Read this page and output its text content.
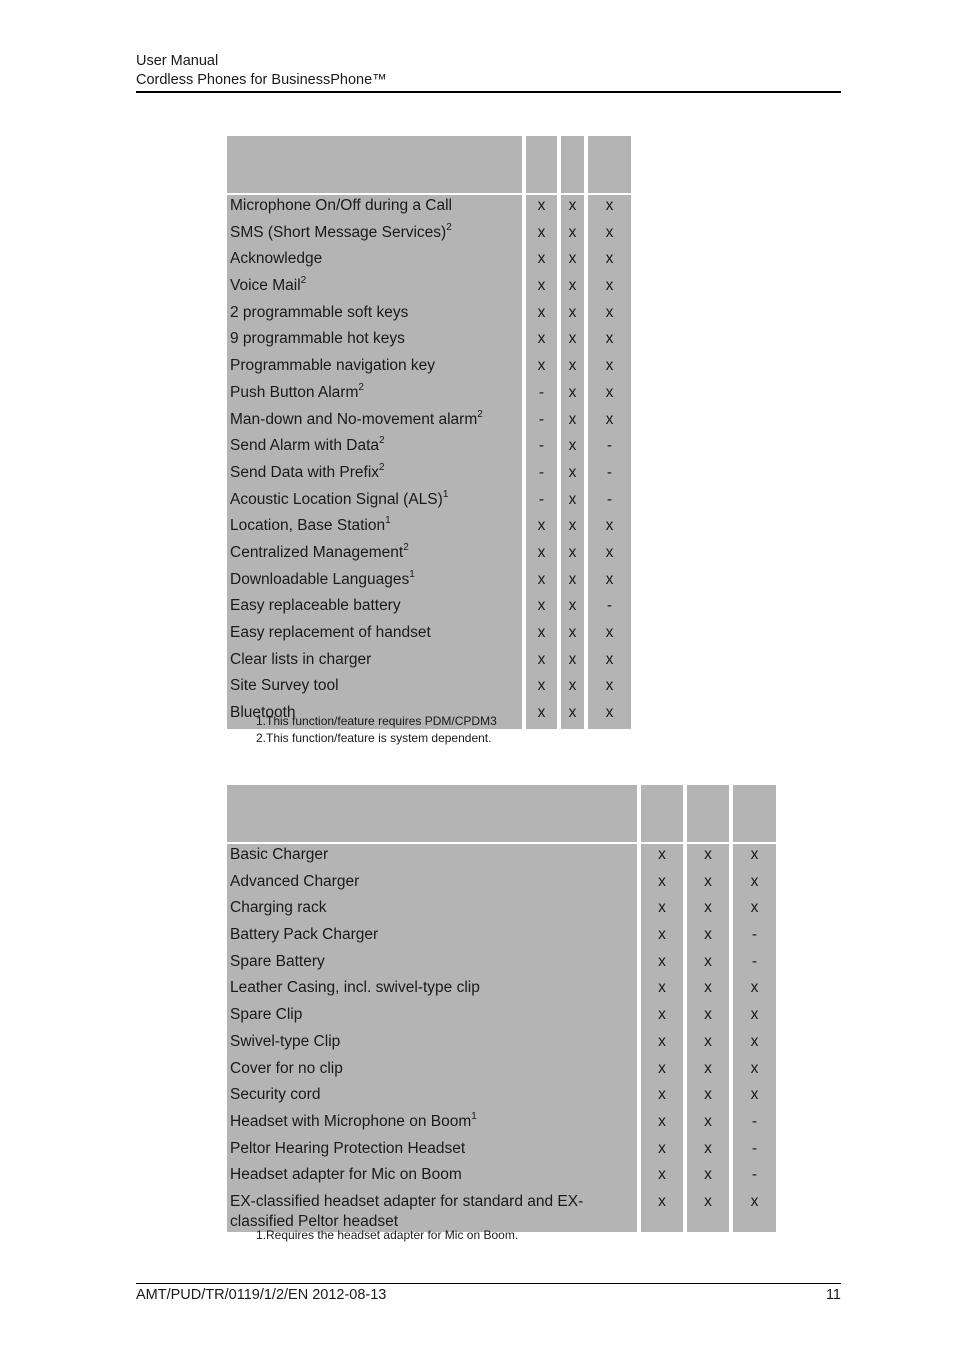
User Manual
Cordless Phones for BusinessPhone™

Microphone On/Off during a Call	x	x	x
SMS (Short Message Services)$^2$	x	x	x
Acknowledge	x	x	x
Voice Mail$^2$	x	x	x
2 programmable soft keys	x	x	x
9 programmable hot keys	x	x	x
Programmable navigation key	x	x	x
Push Button Alarm$^2$	-	x	x
Man-down and No-movement alarm$^2$	-	x	x
Send Alarm with Data$^2$	-	x	-
Send Data with Prefix$^2$	-	x	-
Acoustic Location Signal (ALS)$^1$	-	x	-
Location, Base Station$^1$	x	x	x
Centralized Management$^2$	x	x	x
Downloadable Languages$^1$	x	x	x
Easy replaceable battery	x	x	-
Easy replacement of handset	x	x	x
Clear lists in charger	x	x	x
Site Survey tool	x	x	x
Bluetooth	x	x	x
1.This function/feature requires PDM/CPDM3
2.This function/feature is system dependent.

Basic Charger	x	x	x
Advanced Charger	x	x	x
Charging rack	x	x	x
Battery Pack Charger	x	x	-
Spare Battery	x	x	-
Leather Casing, incl. swivel-type clip	x	x	x
Spare Clip	x	x	x
Swivel-type Clip	x	x	x
Cover for no clip	x	x	x
Security cord	x	x	x
Headset with Microphone on Boom$^1$	x	x	-
Peltor Hearing Protection Headset	x	x	-
Headset adapter for Mic on Boom	x	x	-
EX-classified headset adapter for standard and EX-classified Peltor headset	x	x	x
1.Requires the headset adapter for Mic on Boom.
AMT/PUD/TR/0119/1/2/EN 2012-08-13	11
